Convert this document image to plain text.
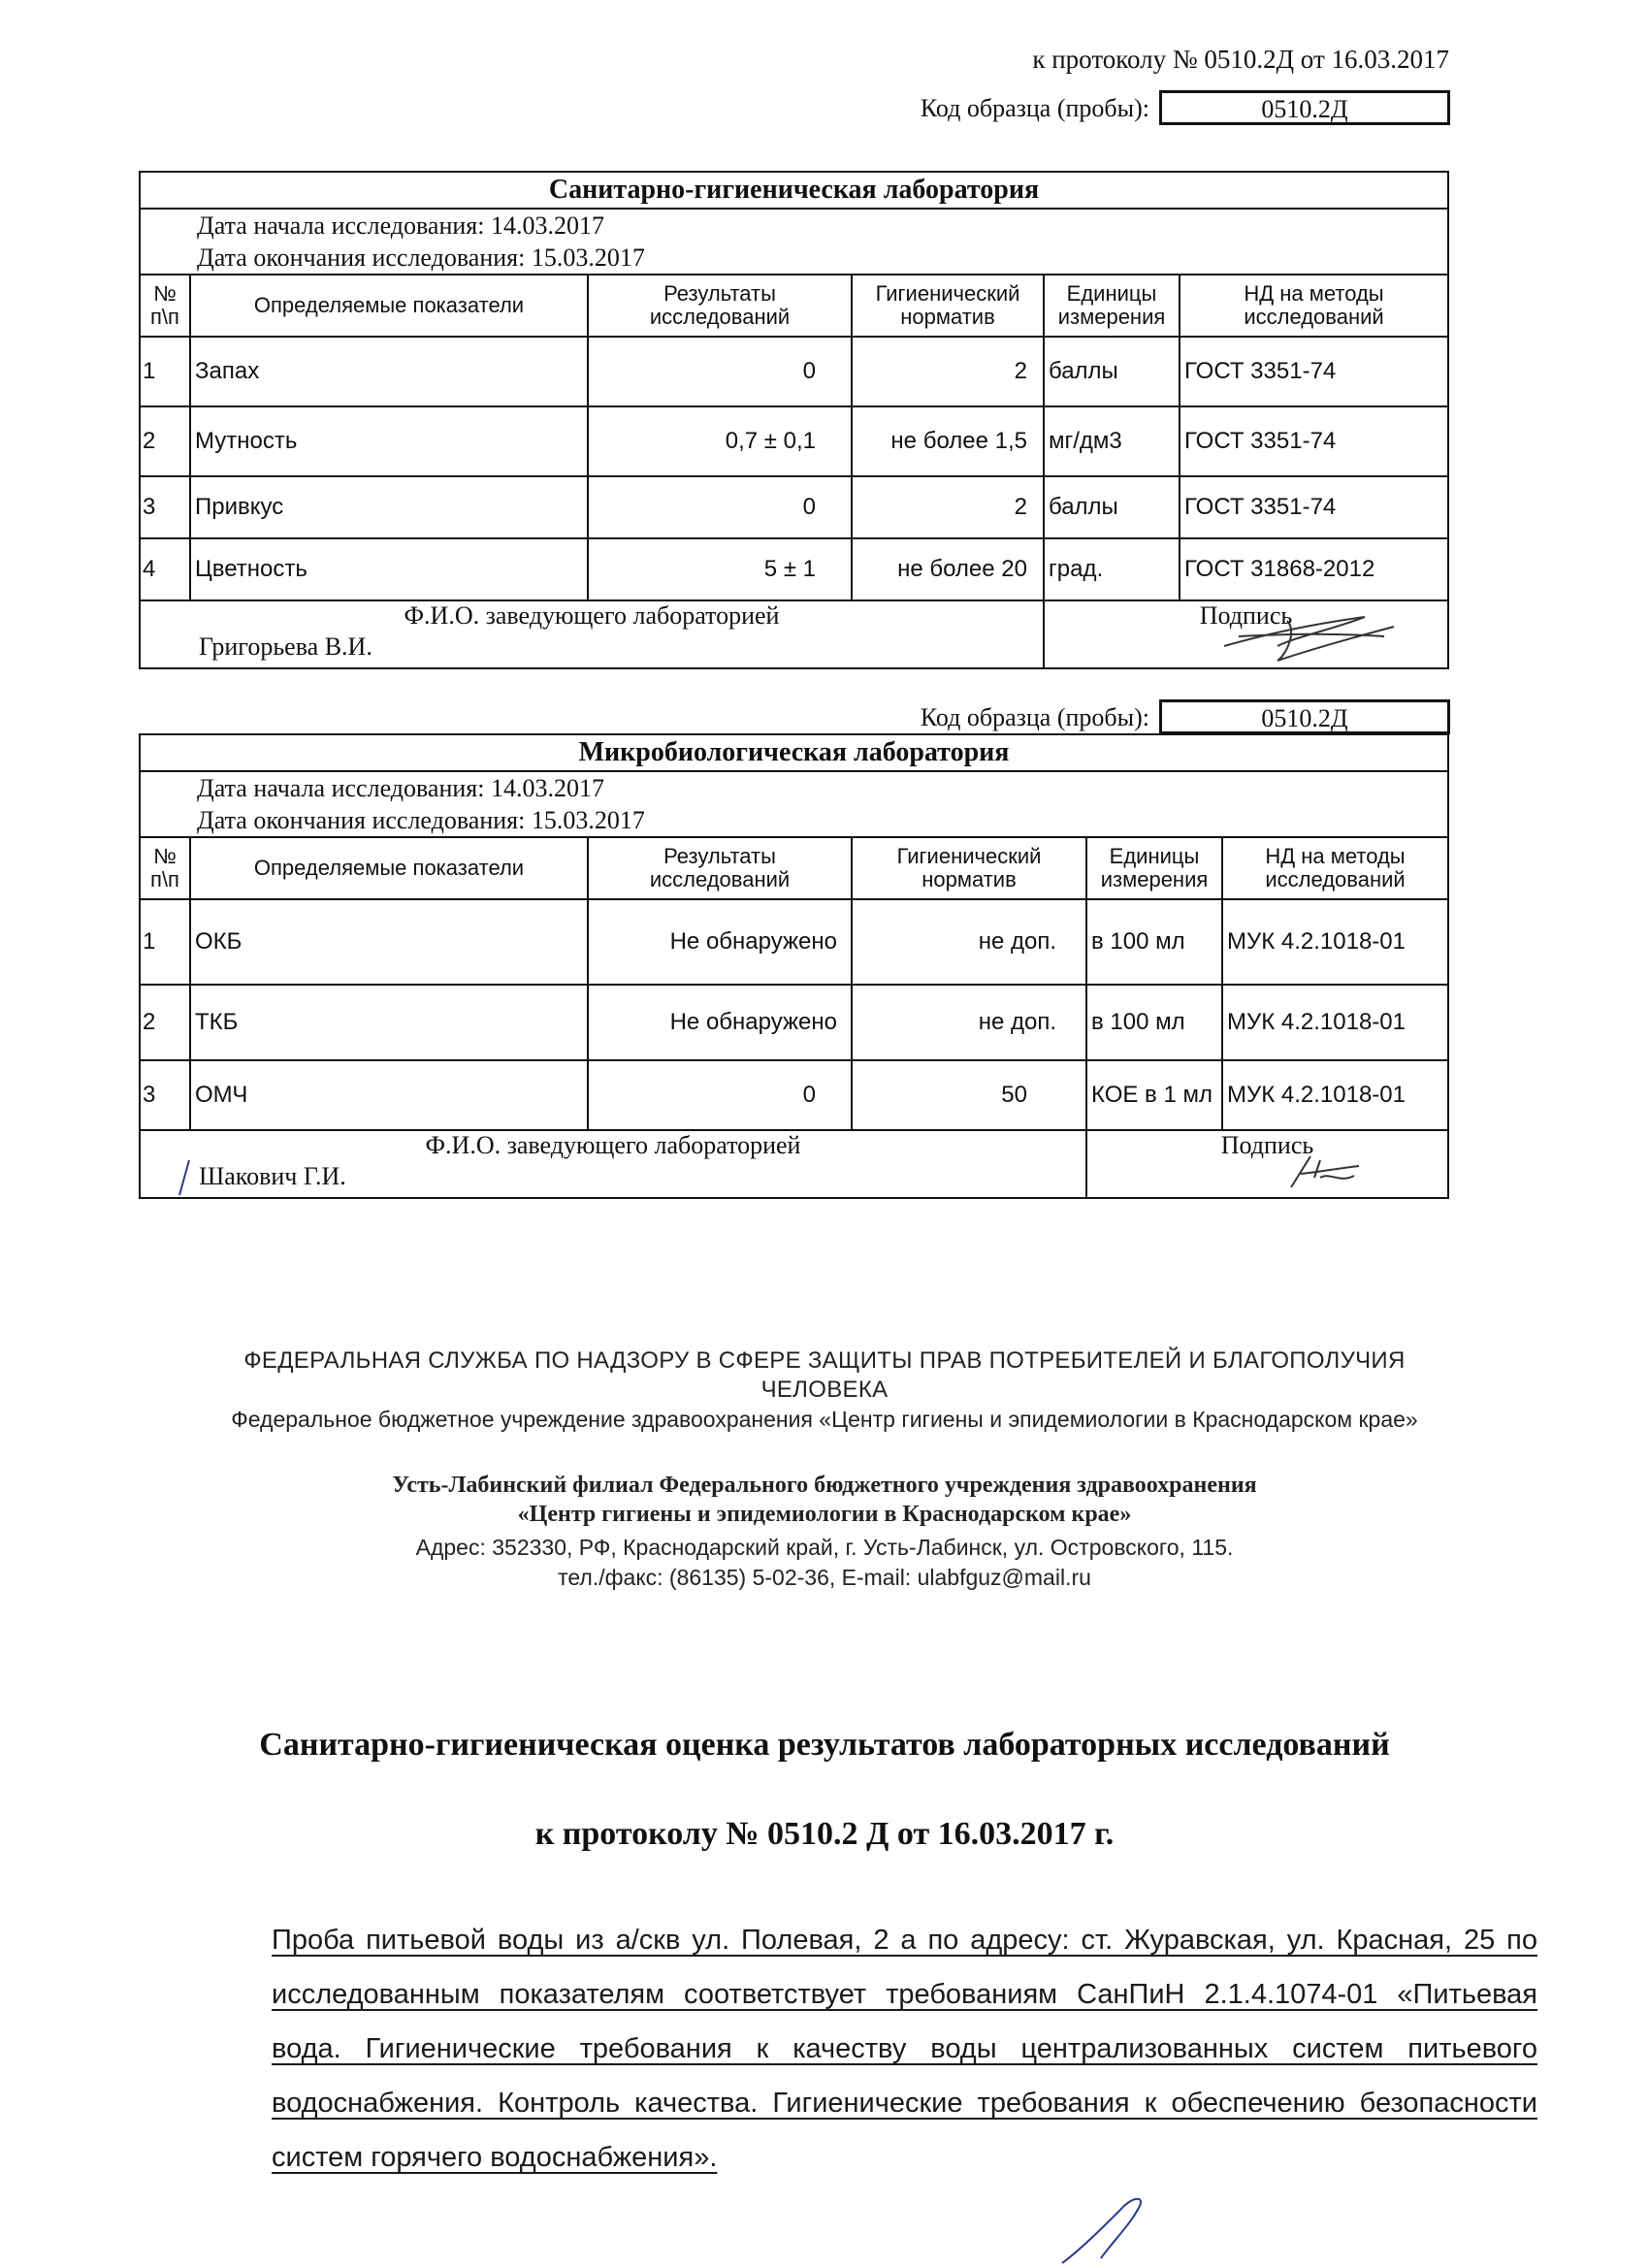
к протоколу № 0510.2Д от 16.03.2017
Код образца (пробы):	0510.2Д
Санитарно-гигиеническая лаборатория					

Дата начала исследования: 14.03.2017
Дата окончания исследования: 15.03.2017					

№ п\п	Определяемые показатели	Результаты исследований	Гигиенический норматив	Единицы измерения	НД на методы исследований
1	Запах	0	2	баллы	ГОСТ 3351-74
2	Мутность	0,7 ± 0,1	не более 1,5	мг/дм3	ГОСТ 3351-74
3	Привкус	0	2	баллы	ГОСТ 3351-74
4	Цветность	5 ± 1	не более 20	град.	ГОСТ 31868-2012

Ф.И.О. заведующего лабораторией
Григорьева В.И.				Подпись	
Код образца (пробы):	0510.2Д
Микробиологическая лаборатория					

Дата начала исследования: 14.03.2017
Дата окончания исследования: 15.03.2017					

№ п\п	Определяемые показатели	Результаты исследований	Гигиенический норматив	Единицы измерения	НД на методы исследований
1	ОКБ	Не обнаружено	не доп.	в 100 мл	МУК 4.2.1018-01
2	ТКБ	Не обнаружено	не доп.	в 100 мл	МУК 4.2.1018-01
3	ОМЧ	0	50	КОЕ в 1 мл	МУК 4.2.1018-01

Ф.И.О. заведующего лабораторией
Шакович Г.И.				Подпись	
ФЕДЕРАЛЬНАЯ СЛУЖБА ПО НАДЗОРУ В СФЕРЕ ЗАЩИТЫ ПРАВ ПОТРЕБИТЕЛЕЙ И БЛАГОПОЛУЧИЯ ЧЕЛОВЕКА
Федеральное бюджетное учреждение здравоохранения «Центр гигиены и эпидемиологии в Краснодарском крае»
Усть-Лабинский филиал Федерального бюджетного учреждения здравоохранения
«Центр гигиены и эпидемиологии в Краснодарском крае»
Адрес: 352330, РФ, Краснодарский край, г. Усть-Лабинск, ул. Островского, 115.
тел./факс: (86135) 5-02-36, E-mail: ulabfguz@mail.ru
Санитарно-гигиеническая оценка результатов лабораторных исследований
к протоколу № 0510.2 Д от 16.03.2017 г.
Проба питьевой воды из а/скв ул. Полевая, 2 а по адресу: ст. Журавская, ул. Красная, 25 по исследованным показателям соответствует требованиям СанПиН 2.1.4.1074-01 «Питьевая вода. Гигиенические требования к качеству воды централизованных систем питьевого водоснабжения. Контроль качества. Гигиенические требования к обеспечению безопасности систем горячего водоснабжения».
